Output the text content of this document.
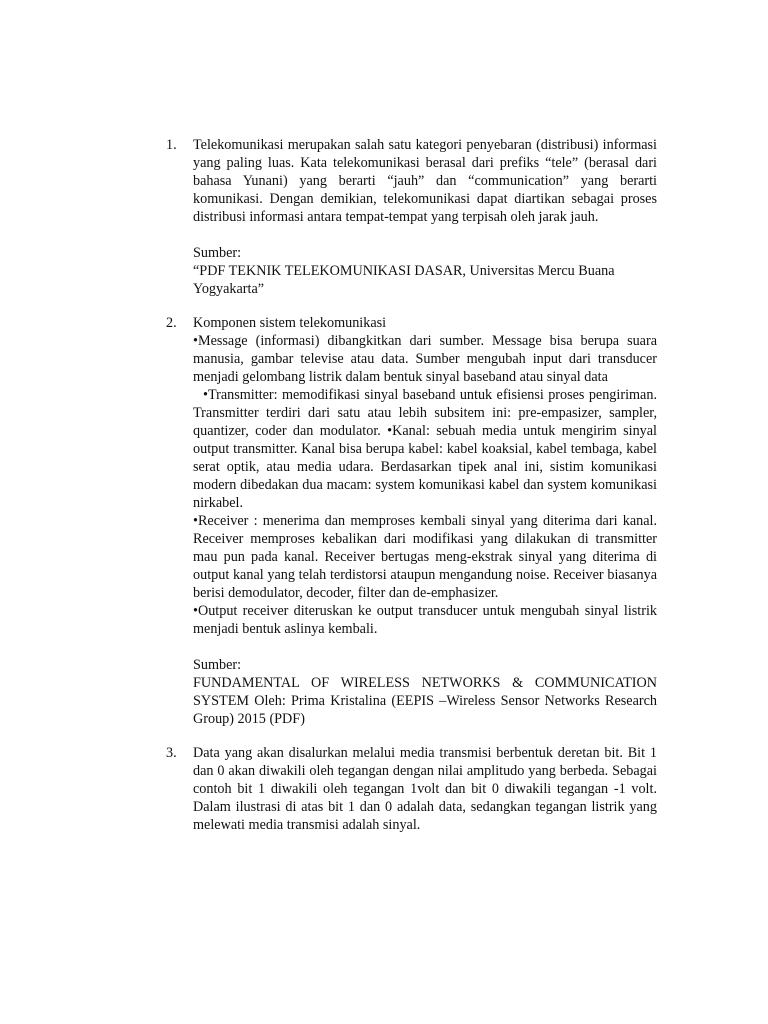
1. Telekomunikasi merupakan salah satu kategori penyebaran (distribusi) informasi yang paling luas. Kata telekomunikasi berasal dari prefiks “tele” (berasal dari bahasa Yunani) yang berarti “jauh” dan “communication” yang berarti komunikasi. Dengan demikian, telekomunikasi dapat diartikan sebagai proses distribusi informasi antara tempat-tempat yang terpisah oleh jarak jauh.

Sumber:

“PDF TEKNIK TELEKOMUNIKASI DASAR, Universitas Mercu Buana Yogyakarta”

2. Komponen sistem telekomunikasi

•Message (informasi) dibangkitkan dari sumber. Message bisa berupa suara manusia, gambar televise atau data. Sumber mengubah input dari transducer menjadi gelombang listrik dalam bentuk sinyal baseband atau sinyal data

•Transmitter: memodifikasi sinyal baseband untuk efisiensi proses pengiriman. Transmitter terdiri dari satu atau lebih subsitem ini: pre-empasizer, sampler, quantizer, coder dan modulator. •Kanal: sebuah media untuk mengirim sinyal output transmitter. Kanal bisa berupa kabel: kabel koaksial, kabel tembaga, kabel serat optik, atau media udara. Berdasarkan tipek anal ini, sistim komunikasi modern dibedakan dua macam: system komunikasi kabel dan system komunikasi nirkabel.

•Receiver : menerima dan memproses kembali sinyal yang diterima dari kanal. Receiver memproses kebalikan dari modifikasi yang dilakukan di transmitter mau pun pada kanal. Receiver bertugas meng-ekstrak sinyal yang diterima di output kanal yang telah terdistorsi ataupun mengandung noise. Receiver biasanya berisi demodulator, decoder, filter dan de-emphasizer.

•Output receiver diteruskan ke output transducer untuk mengubah sinyal listrik menjadi bentuk aslinya kembali.

Sumber:

FUNDAMENTAL OF WIRELESS NETWORKS & COMMUNICATION SYSTEM Oleh: Prima Kristalina (EEPIS –Wireless Sensor Networks Research Group) 2015 (PDF)

3. Data yang akan disalurkan melalui media transmisi berbentuk deretan bit. Bit 1 dan 0 akan diwakili oleh tegangan dengan nilai amplitudo yang berbeda. Sebagai contoh bit 1 diwakili oleh tegangan 1volt dan bit 0 diwakili tegangan -1 volt. Dalam ilustrasi di atas bit 1 dan 0 adalah data, sedangkan tegangan listrik yang melewati media transmisi adalah sinyal.
